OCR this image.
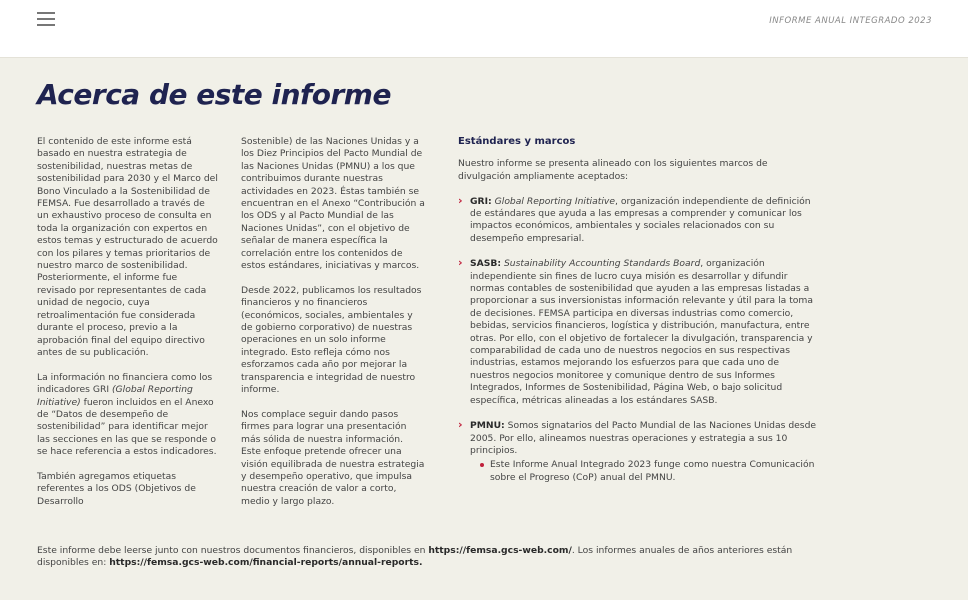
INFORME ANUAL INTEGRADO 2023
Acerca de este informe

El contenido de este informe está basado en nuestra estrategia de sostenibilidad, nuestras metas de sostenibilidad para 2030 y el Marco del Bono Vinculado a la Sostenibilidad de FEMSA. Fue desarrollado a través de un exhaustivo proceso de consulta en toda la organización con expertos en estos temas y estructurado de acuerdo con los pilares y temas prioritarios de nuestro marco de sostenibilidad. Posteriormente, el informe fue revisado por representantes de cada unidad de negocio, cuya retroalimentación fue considerada durante el proceso, previo a la aprobación final del equipo directivo antes de su publicación.

La información no financiera como los indicadores GRI (Global Reporting Initiative) fueron incluidos en el Anexo de “Datos de desempeño de sostenibilidad” para identificar mejor las secciones en las que se responde o se hace referencia a estos indicadores.

También agregamos etiquetas referentes a los ODS (Objetivos de Desarrollo

Sostenible) de las Naciones Unidas y a los Diez Principios del Pacto Mundial de las Naciones Unidas (PMNU) a los que contribuimos durante nuestras actividades en 2023. Éstas también se encuentran en el Anexo “Contribución a los ODS y al Pacto Mundial de las Naciones Unidas”, con el objetivo de señalar de manera específica la correlación entre los contenidos de estos estándares, iniciativas y marcos.

Desde 2022, publicamos los resultados financieros y no financieros (económicos, sociales, ambientales y de gobierno corporativo) de nuestras operaciones en un solo informe integrado. Esto refleja cómo nos esforzamos cada año por mejorar la transparencia e integridad de nuestro informe.

Nos complace seguir dando pasos firmes para lograr una presentación más sólida de nuestra información. Este enfoque pretende ofrecer una visión equilibrada de nuestra estrategia y desempeño operativo, que impulsa nuestra creación de valor a corto, medio y largo plazo.

Estándares y marcos

Nuestro informe se presenta alineado con los siguientes marcos de divulgación ampliamente aceptados:

› GRI: Global Reporting Initiative, organización independiente de definición de estándares que ayuda a las empresas a comprender y comunicar los impactos económicos, ambientales y sociales relacionados con su desempeño empresarial.
› SASB: Sustainability Accounting Standards Board, organización independiente sin fines de lucro cuya misión es desarrollar y difundir normas contables de sostenibilidad que ayuden a las empresas listadas a proporcionar a sus inversionistas información relevante y útil para la toma de decisiones. FEMSA participa en diversas industrias como comercio, bebidas, servicios financieros, logística y distribución, manufactura, entre otras. Por ello, con el objetivo de fortalecer la divulgación, transparencia y comparabilidad de cada uno de nuestros negocios en sus respectivas industrias, estamos mejorando los esfuerzos para que cada uno de nuestros negocios monitoree y comunique dentro de sus Informes Integrados, Informes de Sostenibilidad, Página Web, o bajo solicitud específica, métricas alineadas a los estándares SASB.
› PMNU: Somos signatarios del Pacto Mundial de las Naciones Unidas desde 2005. Por ello, alineamos nuestras operaciones y estrategia a sus 10 principios.
Este Informe Anual Integrado 2023 funge como nuestra Comunicación sobre el Progreso (CoP) anual del PMNU.
Este informe debe leerse junto con nuestros documentos financieros, disponibles en https://femsa.gcs-web.com/. Los informes anuales de años anteriores están disponibles en: https://femsa.gcs-web.com/financial-reports/annual-reports.
